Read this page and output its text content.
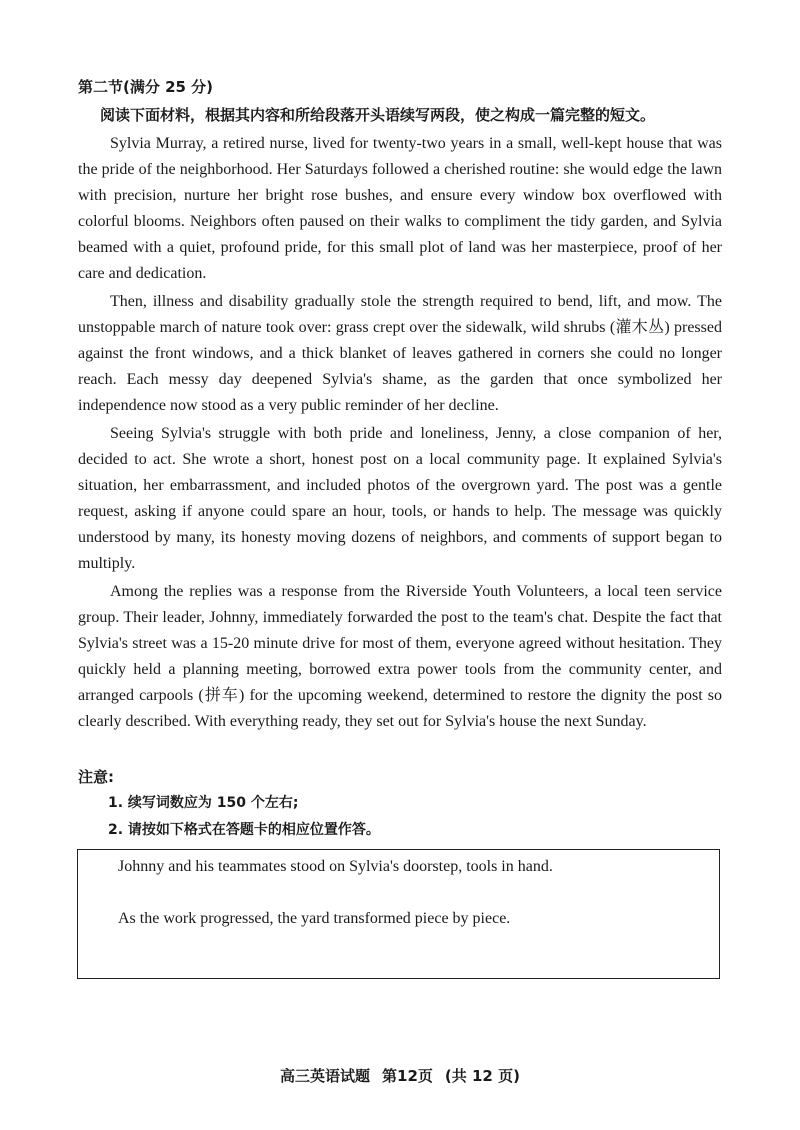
第二节(满分 25 分)

阅读下面材料，根据其内容和所给段落开头语续写两段，使之构成一篇完整的短文。

Sylvia Murray, a retired nurse, lived for twenty-two years in a small, well-kept house that was the pride of the neighborhood. Her Saturdays followed a cherished routine: she would edge the lawn with precision, nurture her bright rose bushes, and ensure every window box overflowed with colorful blooms. Neighbors often paused on their walks to compliment the tidy garden, and Sylvia beamed with a quiet, profound pride, for this small plot of land was her masterpiece, proof of her care and dedication.

Then, illness and disability gradually stole the strength required to bend, lift, and mow. The unstoppable march of nature took over: grass crept over the sidewalk, wild shrubs (灌木丛) pressed against the front windows, and a thick blanket of leaves gathered in corners she could no longer reach. Each messy day deepened Sylvia's shame, as the garden that once symbolized her independence now stood as a very public reminder of her decline.

Seeing Sylvia's struggle with both pride and loneliness, Jenny, a close companion of her, decided to act. She wrote a short, honest post on a local community page. It explained Sylvia's situation, her embarrassment, and included photos of the overgrown yard. The post was a gentle request, asking if anyone could spare an hour, tools, or hands to help. The message was quickly understood by many, its honesty moving dozens of neighbors, and comments of support began to multiply.

Among the replies was a response from the Riverside Youth Volunteers, a local teen service group. Their leader, Johnny, immediately forwarded the post to the team's chat. Despite the fact that Sylvia's street was a 15-20 minute drive for most of them, everyone agreed without hesitation. They quickly held a planning meeting, borrowed extra power tools from the community center, and arranged carpools (拼车) for the upcoming weekend, determined to restore the dignity the post so clearly described. With everything ready, they set out for Sylvia's house the next Sunday.

注意:

1. 续写词数应为 150 个左右;

2. 请按如下格式在答题卡的相应位置作答。

Johnny and his teammates stood on Sylvia's doorstep, tools in hand.

As the work progressed, the yard transformed piece by piece.

高三英语试题 第12页 (共 12 页)
